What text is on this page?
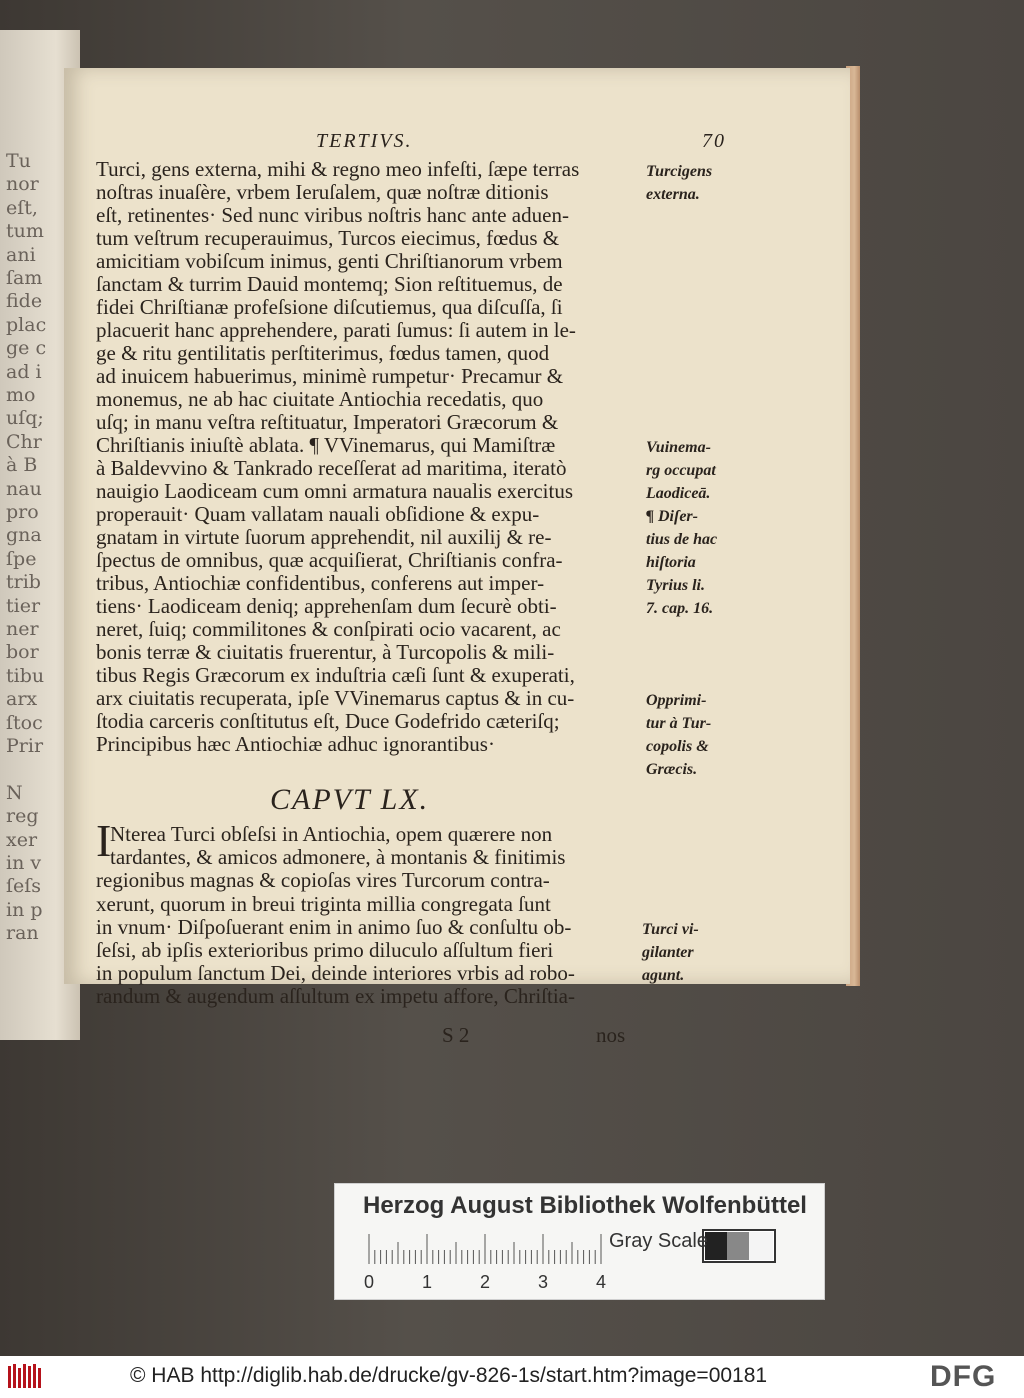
Tu
nor
eſt,
tum
ani
ſam
fide
plac
ge c
ad i
mo
uſq;
Chr
à B
nau
pro
gna
ſpe
trib
tier
ner
bor
tibu
arx
ſtoc
Prir
N
reg
xer
in v
ſeſs
in p
ran
TERTIVS.	70
Turci, gens externa, mihi & regno meo infeſti, ſæpe terras
noſtras inuaſère, vrbem Ieruſalem, quæ noſtræ ditionis
eſt, retinentes· Sed nunc viribus noſtris hanc ante aduen-
tum veſtrum recuperauimus, Turcos eiecimus, fœdus &
amicitiam vobiſcum inimus, genti Chriſtianorum vrbem
ſanctam & turrim Dauid montemq; Sion reſtituemus, de
fidei Chriſtianæ profeſsione diſcutiemus, qua diſcuſſa, ſi
placuerit hanc apprehendere, parati ſumus: ſi autem in le-
ge & ritu gentilitatis perſtiterimus, fœdus tamen, quod
ad inuicem habuerimus, minimè rumpetur· Precamur &
monemus, ne ab hac ciuitate Antiochia recedatis, quo
uſq; in manu veſtra reſtituatur, Imperatori Græcorum &
Chriſtianis iniuſtè ablata. ¶ VVinemarus, qui Mamiſtræ
à Baldevvino & Tankrado receſſerat ad maritima, iteratò
nauigio Laodiceam cum omni armatura naualis exercitus
properauit· Quam vallatam nauali obſidione & expu-
gnatam in virtute ſuorum apprehendit, nil auxilij & re-
ſpectus de omnibus, quæ acquiſierat, Chriſtianis confra-
tribus, Antiochiæ confidentibus, conferens aut imper-
tiens· Laodiceam deniq; apprehenſam dum ſecurè obti-
neret, ſuiq; commilitones & conſpirati ocio vacarent, ac
bonis terræ & ciuitatis fruerentur, à Turcopolis & mili-
tibus Regis Græcorum ex induſtria cæſi ſunt & exuperati,
arx ciuitatis recuperata, ipſe VVinemarus captus & in cu-
ſtodia carceris conſtitutus eſt, Duce Godefrido cæteriſq;
Principibus hæc Antiochiæ adhuc ignorantibus·
I
Nterea Turci obſeſsi in Antiochia, opem quærere non
tardantes, & amicos admonere, à montanis & finitimis
regionibus magnas & copioſas vires Turcorum contra-
xerunt, quorum in breui triginta millia congregata ſunt
in vnum· Diſpoſuerant enim in animo ſuo & conſultu ob-
ſeſsi, ab ipſis exterioribus primo diluculo aſſultum fieri
in populum ſanctum Dei, deinde interiores vrbis ad robo-
randum & augendum aſſultum ex impetu affore, Chriſtia-
Turcigens
externa.
Vuinema-
rg occupat
Laodiceā.
¶ Diſer-
tius de hac
hiſtoria
Tyrius li.
7. cap. 16.
Opprimi-
tur à Tur-
copolis &
Græcis.
Turci vi-
gilanter
agunt.
S 2	nos
CAPVT LX.
Herzog August Bibliothek Wolfenbüttel
Gray Scale
0	1	2	3	4
© HAB http://diglib.hab.de/drucke/gv-826-1s/start.htm?image=00181	DFG
